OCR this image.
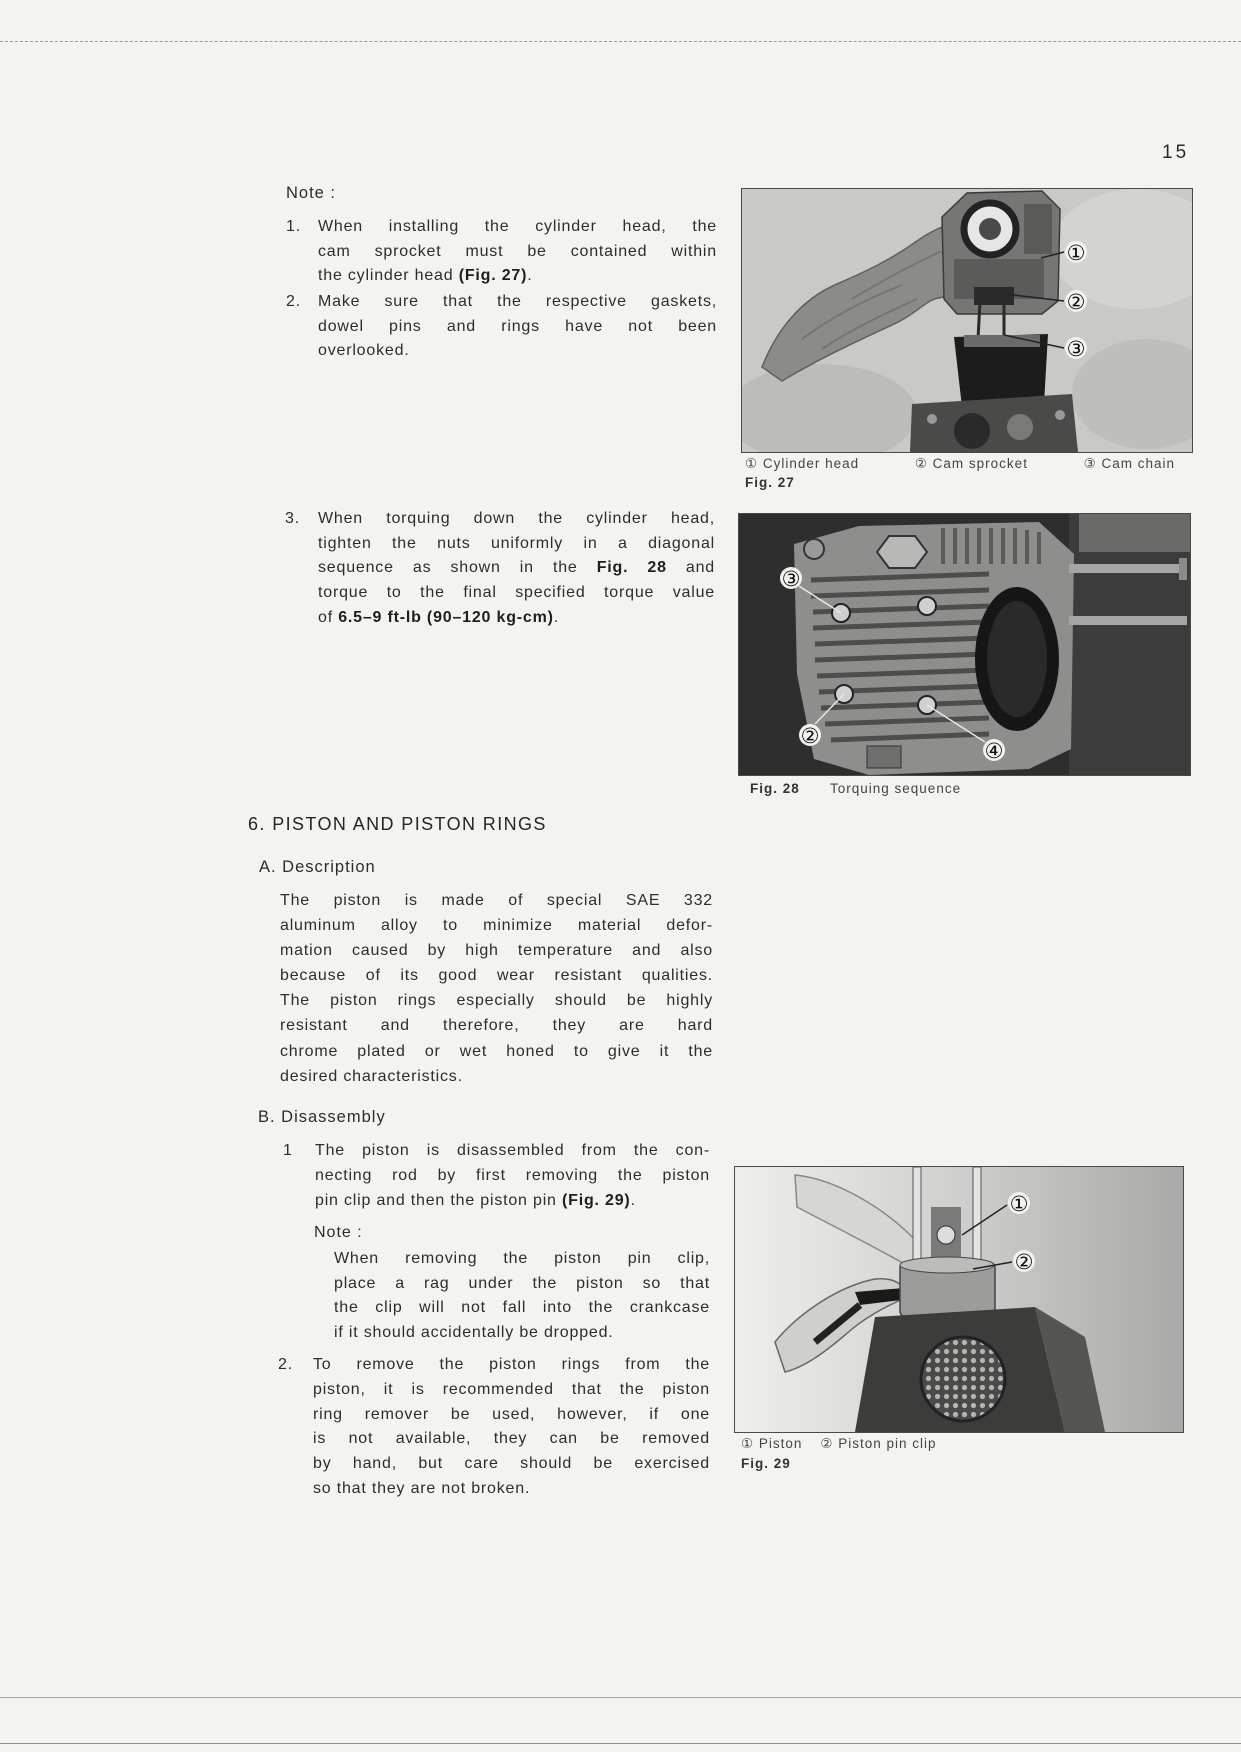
15
Note :
1. When installing the cylinder head, the
cam sprocket must be contained within
the cylinder head (Fig. 27).
2. Make sure that the respective gaskets,
dowel pins and rings have not been
overlooked.
3. When torquing down the cylinder head,
tighten the nuts uniformly in a diagonal
sequence as shown in the Fig. 28 and
torque to the final specified torque value
of 6.5–9 ft-lb (90–120 kg-cm).
①
②
③
① Cylinder head	② Cam sprocket	③ Cam chain
Fig. 27
③
②
④
Fig. 28 Torquing sequence
6. PISTON AND PISTON RINGS
A. Description
The piston is made of special SAE 332
aluminum alloy to minimize material defor-
mation caused by high temperature and also
because of its good wear resistant qualities.
The piston rings especially should be highly
resistant and therefore, they are hard
chrome plated or wet honed to give it the
desired characteristics.
B. Disassembly
1 The piston is disassembled from the con-
necting rod by first removing the piston
pin clip and then the piston pin (Fig. 29).
Note :
When removing the piston pin clip,
place a rag under the piston so that
the clip will not fall into the crankcase
if it should accidentally be dropped.
2. To remove the piston rings from the
piston, it is recommended that the piston
ring remover be used, however, if one
is not available, they can be removed
by hand, but care should be exercised
so that they are not broken.
①
②
① Piston ② Piston pin clip
Fig. 29
